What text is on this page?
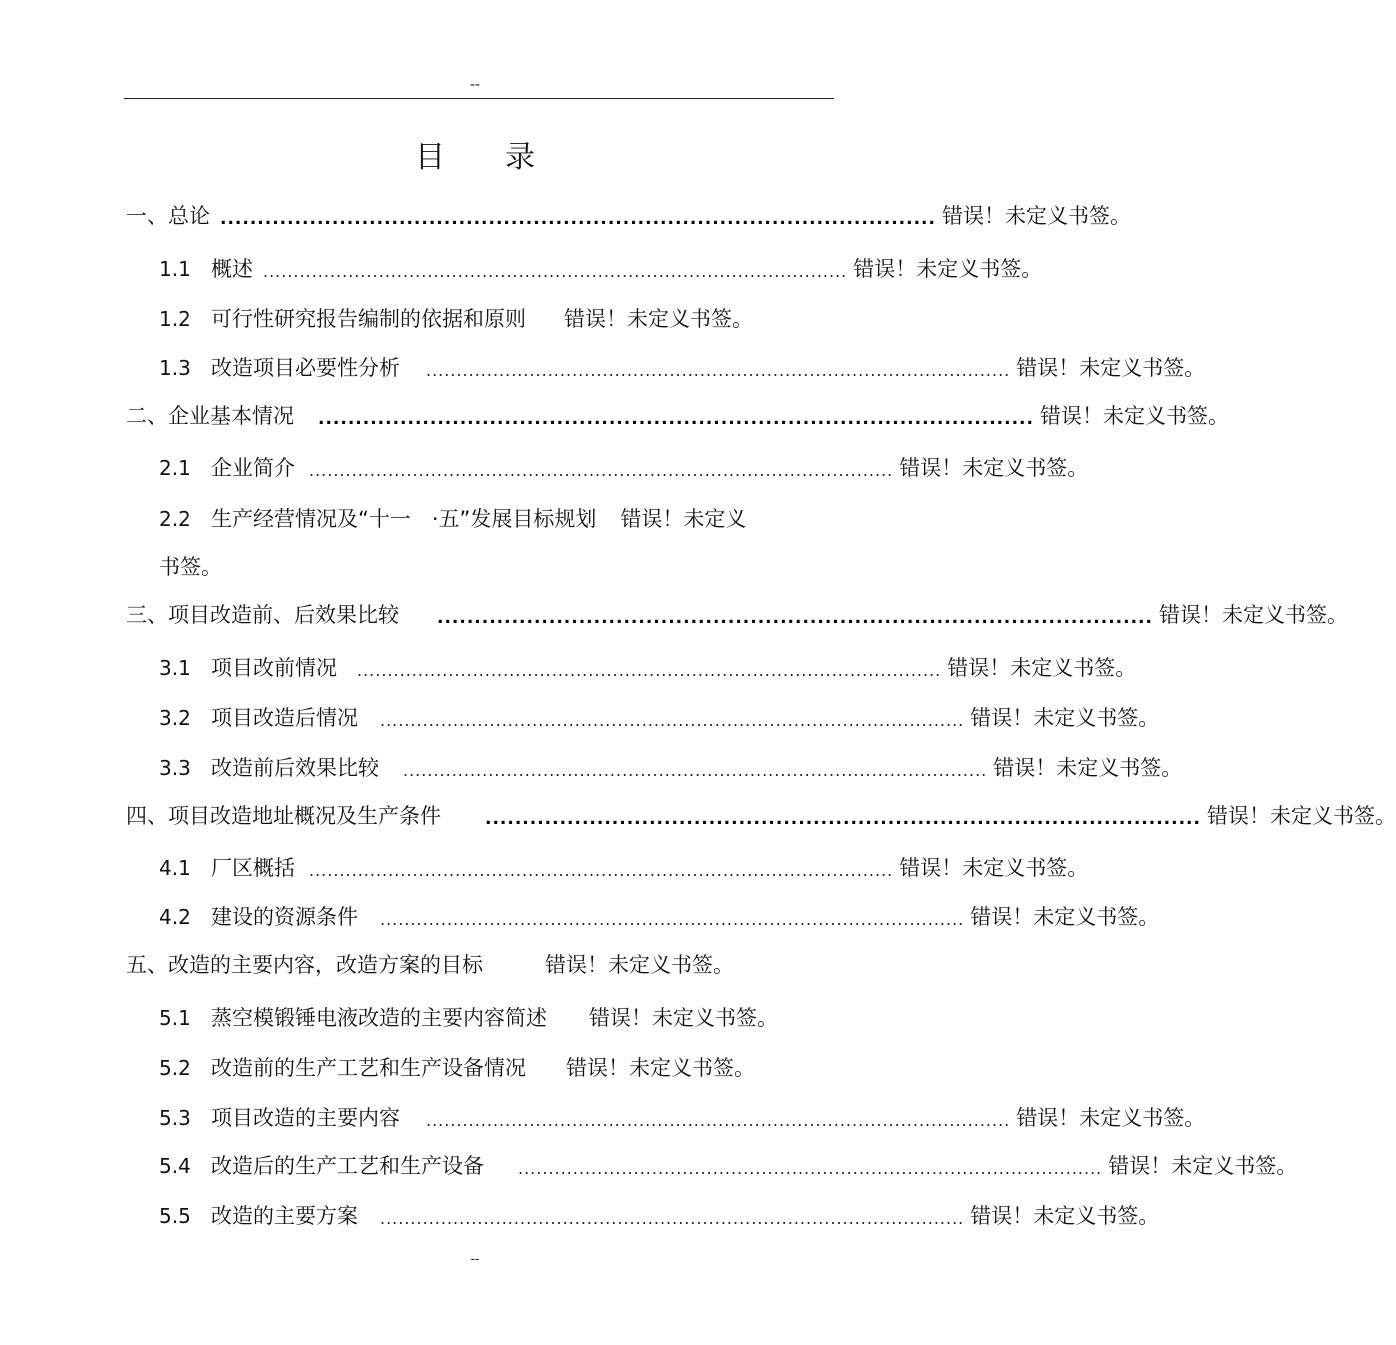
--
目 录
一、总论 ................................................................................................ 错误！未定义书签。
1.1 概述 ................................................................................................ 错误！未定义书签。
1.2 可行性研究报告编制的依据和原则 错误！未定义书签。
1.3 改造项目必要性分析 ................................................................................................ 错误！未定义书签。
二、企业基本情况 ................................................................................................ 错误！未定义书签。
2.1 企业简介 ................................................................................................ 错误！未定义书签。
2.2 生产经营情况及“十一　·五”发展目标规划 错误！未定义
书签。
三、项目改造前、后效果比较 ................................................................................................ 错误！未定义书签。
3.1 项目改前情况 ................................................................................................ 错误！未定义书签。
3.2 项目改造后情况 ................................................................................................ 错误！未定义书签。
3.3 改造前后效果比较 ................................................................................................ 错误！未定义书签。
四、项目改造地址概况及生产条件	................................................................................................ 错误！未定义书签。
4.1 厂区概括 ................................................................................................ 错误！未定义书签。
4.2 建设的资源条件 ................................................................................................ 错误！未定义书签。
五、改造的主要内容，改造方案的目标	错误！未定义书签。
5.1 蒸空模锻锤电液改造的主要内容简述 错误！未定义书签。
5.2 改造前的生产工艺和生产设备情况 错误！未定义书签。
5.3 项目改造的主要内容 ................................................................................................ 错误！未定义书签。
5.4 改造后的生产工艺和生产设备 ................................................................................................ 错误！未定义书签。
5.5 改造的主要方案 ................................................................................................ 错误！未定义书签。
--
